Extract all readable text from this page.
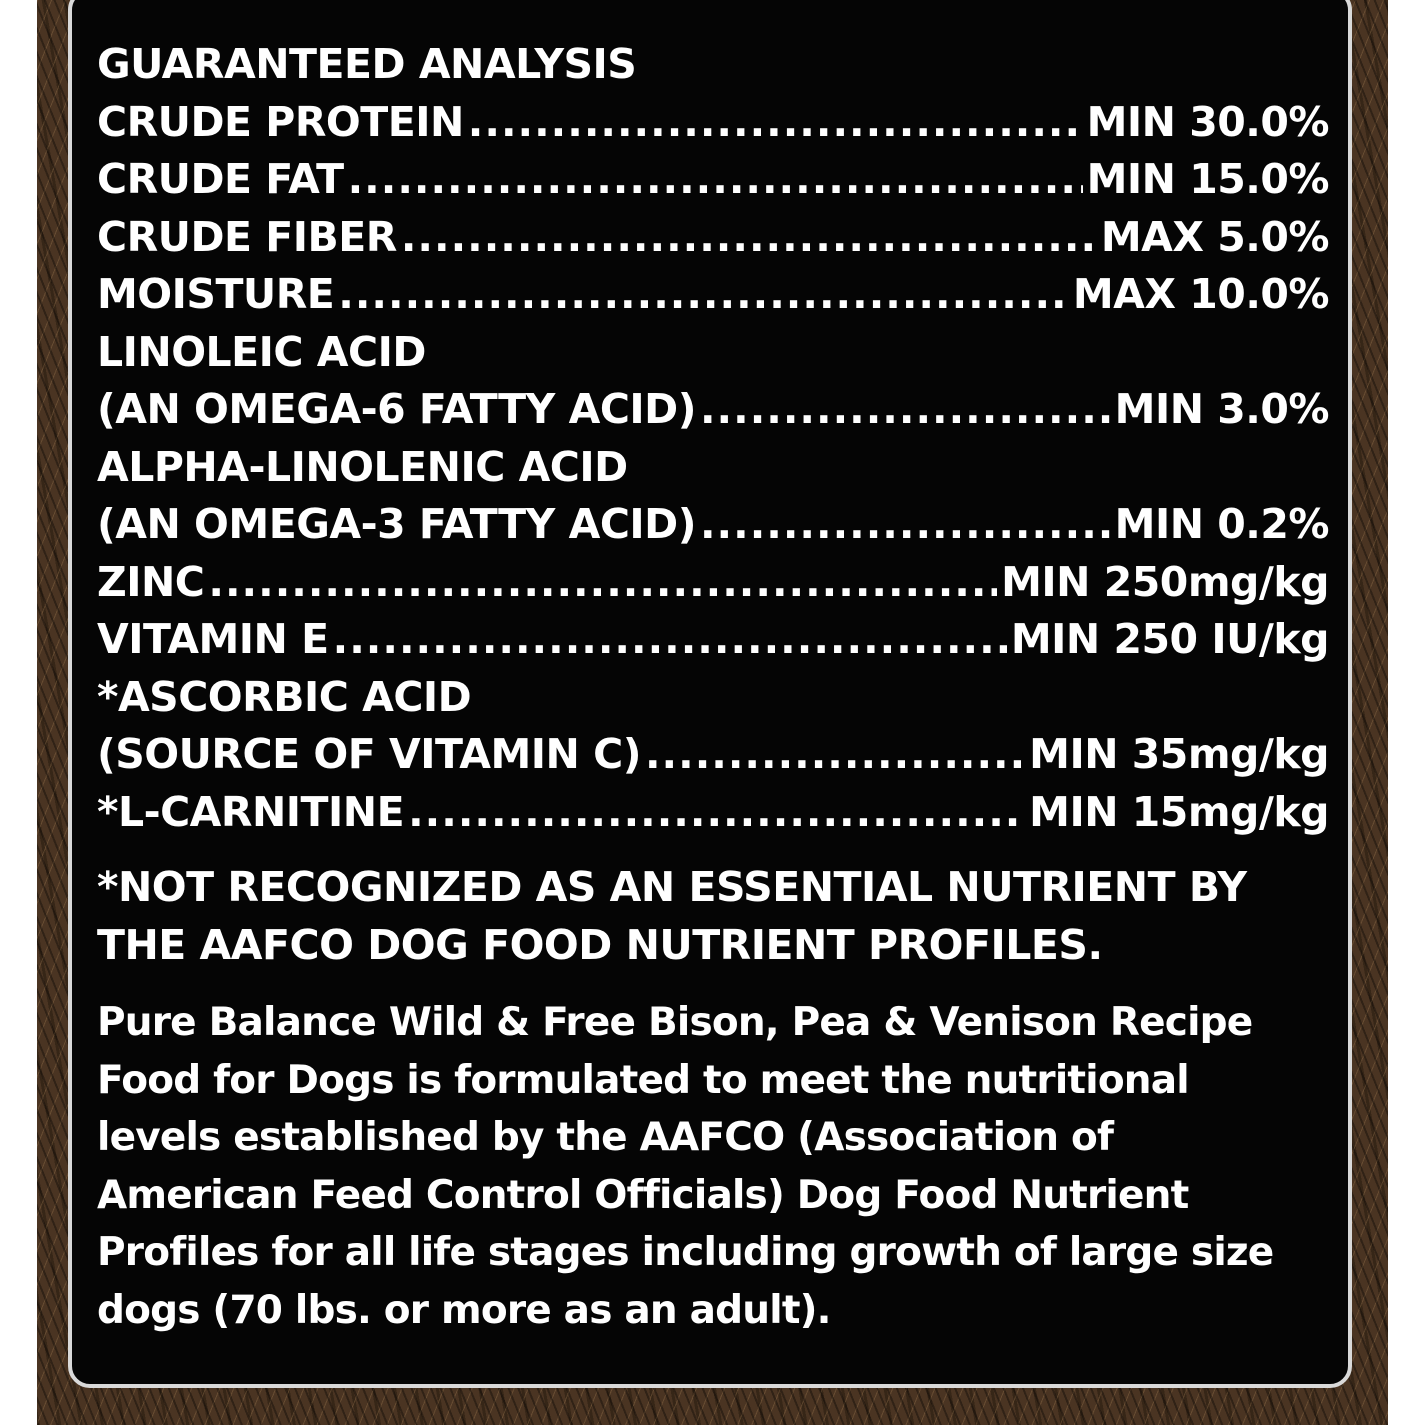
GUARANTEED ANALYSIS
CRUDE PROTEIN .....	MIN 30.0%
CRUDE FAT .....	MIN 15.0%
CRUDE FIBER .....	MAX 5.0%
MOISTURE .....	MAX 10.0%
LINOLEIC ACID
(AN OMEGA-6 FATTY ACID) .....	MIN 3.0%
ALPHA-LINOLENIC ACID
(AN OMEGA-3 FATTY ACID) .....	MIN 0.2%
ZINC .....	MIN 250mg/kg
VITAMIN E .....	MIN 250 IU/kg
*ASCORBIC ACID
(SOURCE OF VITAMIN C) .....	MIN 35mg/kg
*L-CARNITINE .....	MIN 15mg/kg
*NOT RECOGNIZED AS AN ESSENTIAL NUTRIENT BY
THE AAFCO DOG FOOD NUTRIENT PROFILES.
Pure Balance Wild & Free Bison, Pea & Venison Recipe
Food for Dogs is formulated to meet the nutritional
levels established by the AAFCO (Association of
American Feed Control Officials) Dog Food Nutrient
Profiles for all life stages including growth of large size
dogs (70 lbs. or more as an adult).
